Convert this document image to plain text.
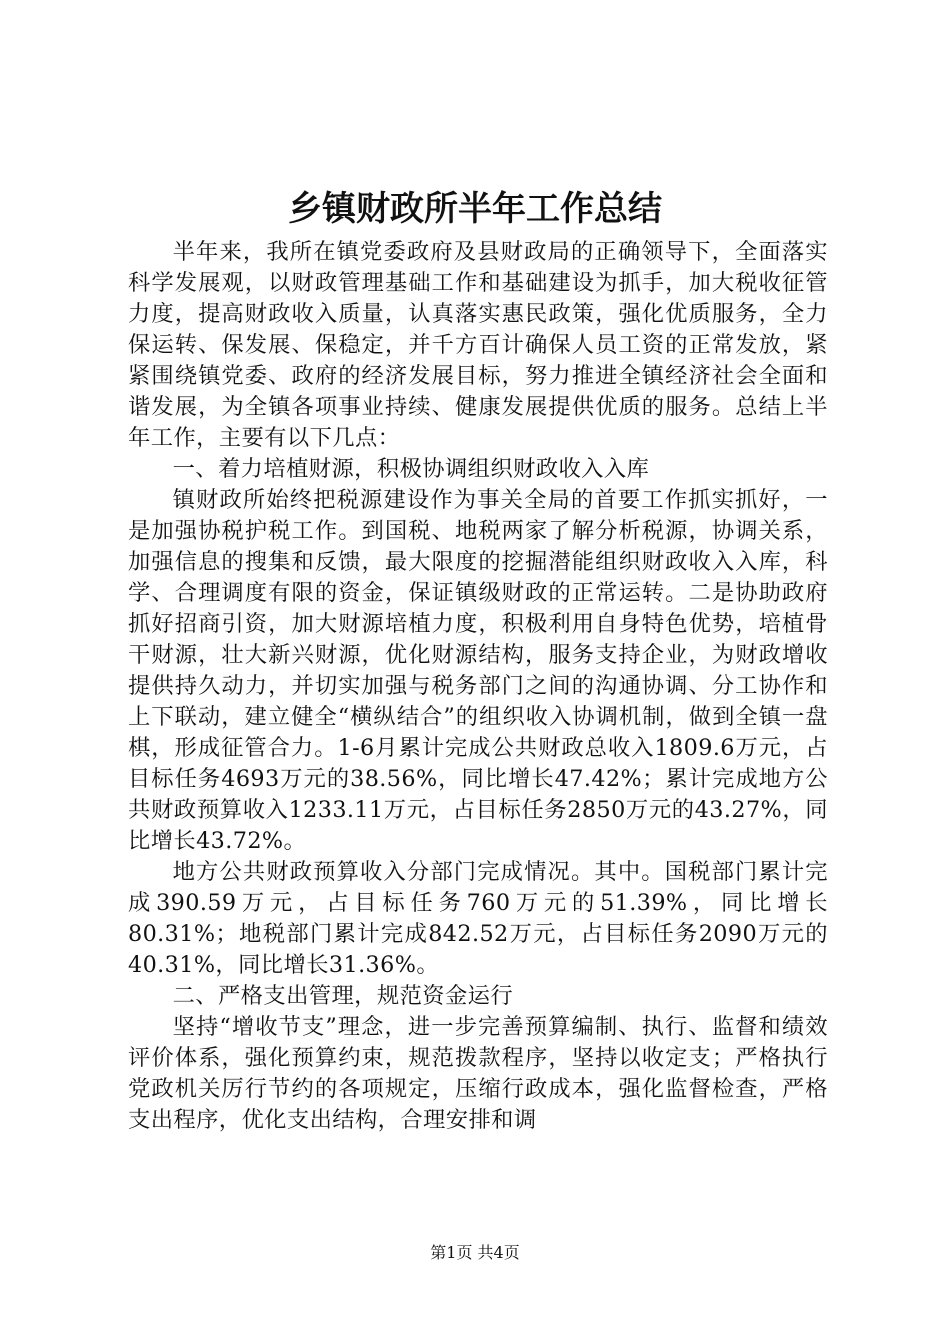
乡镇财政所半年工作总结

半年来，我所在镇党委政府及县财政局的正确领导下，全面落实科学发展观，以财政管理基础工作和基础建设为抓手，加大税收征管力度，提高财政收入质量，认真落实惠民政策，强化优质服务，全力保运转、保发展、保稳定，并千方百计确保人员工资的正常发放，紧紧围绕镇党委、政府的经济发展目标，努力推进全镇经济社会全面和谐发展，为全镇各项事业持续、健康发展提供优质的服务。总结上半年工作，主要有以下几点：

一、着力培植财源，积极协调组织财政收入入库

镇财政所始终把税源建设作为事关全局的首要工作抓实抓好，一是加强协税护税工作。到国税、地税两家了解分析税源，协调关系，加强信息的搜集和反馈，最大限度的挖掘潜能组织财政收入入库，科学、合理调度有限的资金，保证镇级财政的正常运转。二是协助政府抓好招商引资，加大财源培植力度，积极利用自身特色优势，培植骨干财源，壮大新兴财源，优化财源结构，服务支持企业，为财政增收提供持久动力，并切实加强与税务部门之间的沟通协调、分工协作和上下联动，建立健全“横纵结合”的组织收入协调机制，做到全镇一盘棋，形成征管合力。1-6月累计完成公共财政总收入1809.6万元，占目标任务4693万元的38.56%，同比增长47.42%；累计完成地方公共财政预算收入1233.11万元，占目标任务2850万元的43.27%，同比增长43.72%。

地方公共财政预算收入分部门完成情况。其中。国税部门累计完成390.59万元，占目标任务760万元的51.39%，同比增长80.31%；地税部门累计完成842.52万元，占目标任务2090万元的40.31%，同比增长31.36%。

二、严格支出管理，规范资金运行

坚持“增收节支”理念，进一步完善预算编制、执行、监督和绩效评价体系，强化预算约束，规范拨款程序，坚持以收定支；严格执行党政机关厉行节约的各项规定，压缩行政成本，强化监督检查，严格支出程序，优化支出结构，合理安排和调

第1页 共4页
